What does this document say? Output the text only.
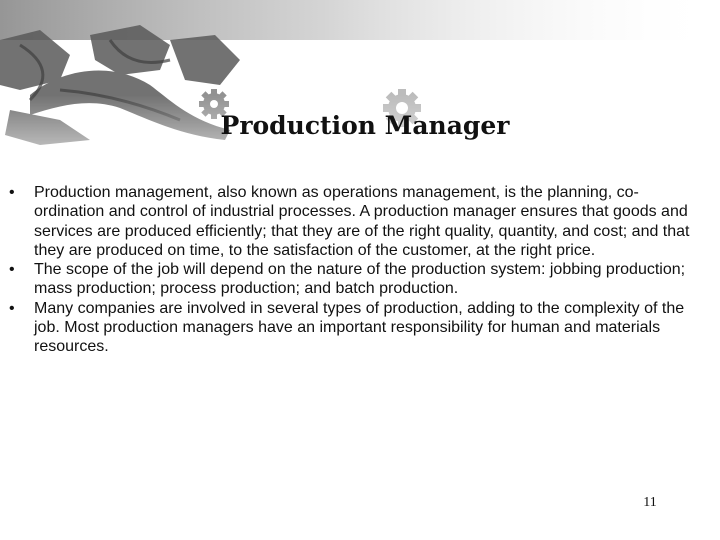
Production Manager
•	Production management, also known as operations management, is the planning, co-ordination and control of industrial processes. A production manager ensures that goods and services are produced efficiently; that they are of the right quality, quantity, and cost; and that they are produced on time, to the satisfaction of the customer, at the right price.
•	The scope of the job will depend on the nature of the production system: jobbing production; mass production; process production; and batch production.
•	Many companies are involved in several types of production, adding to the complexity of the job. Most production managers have an important responsibility for human and materials resources.
11
